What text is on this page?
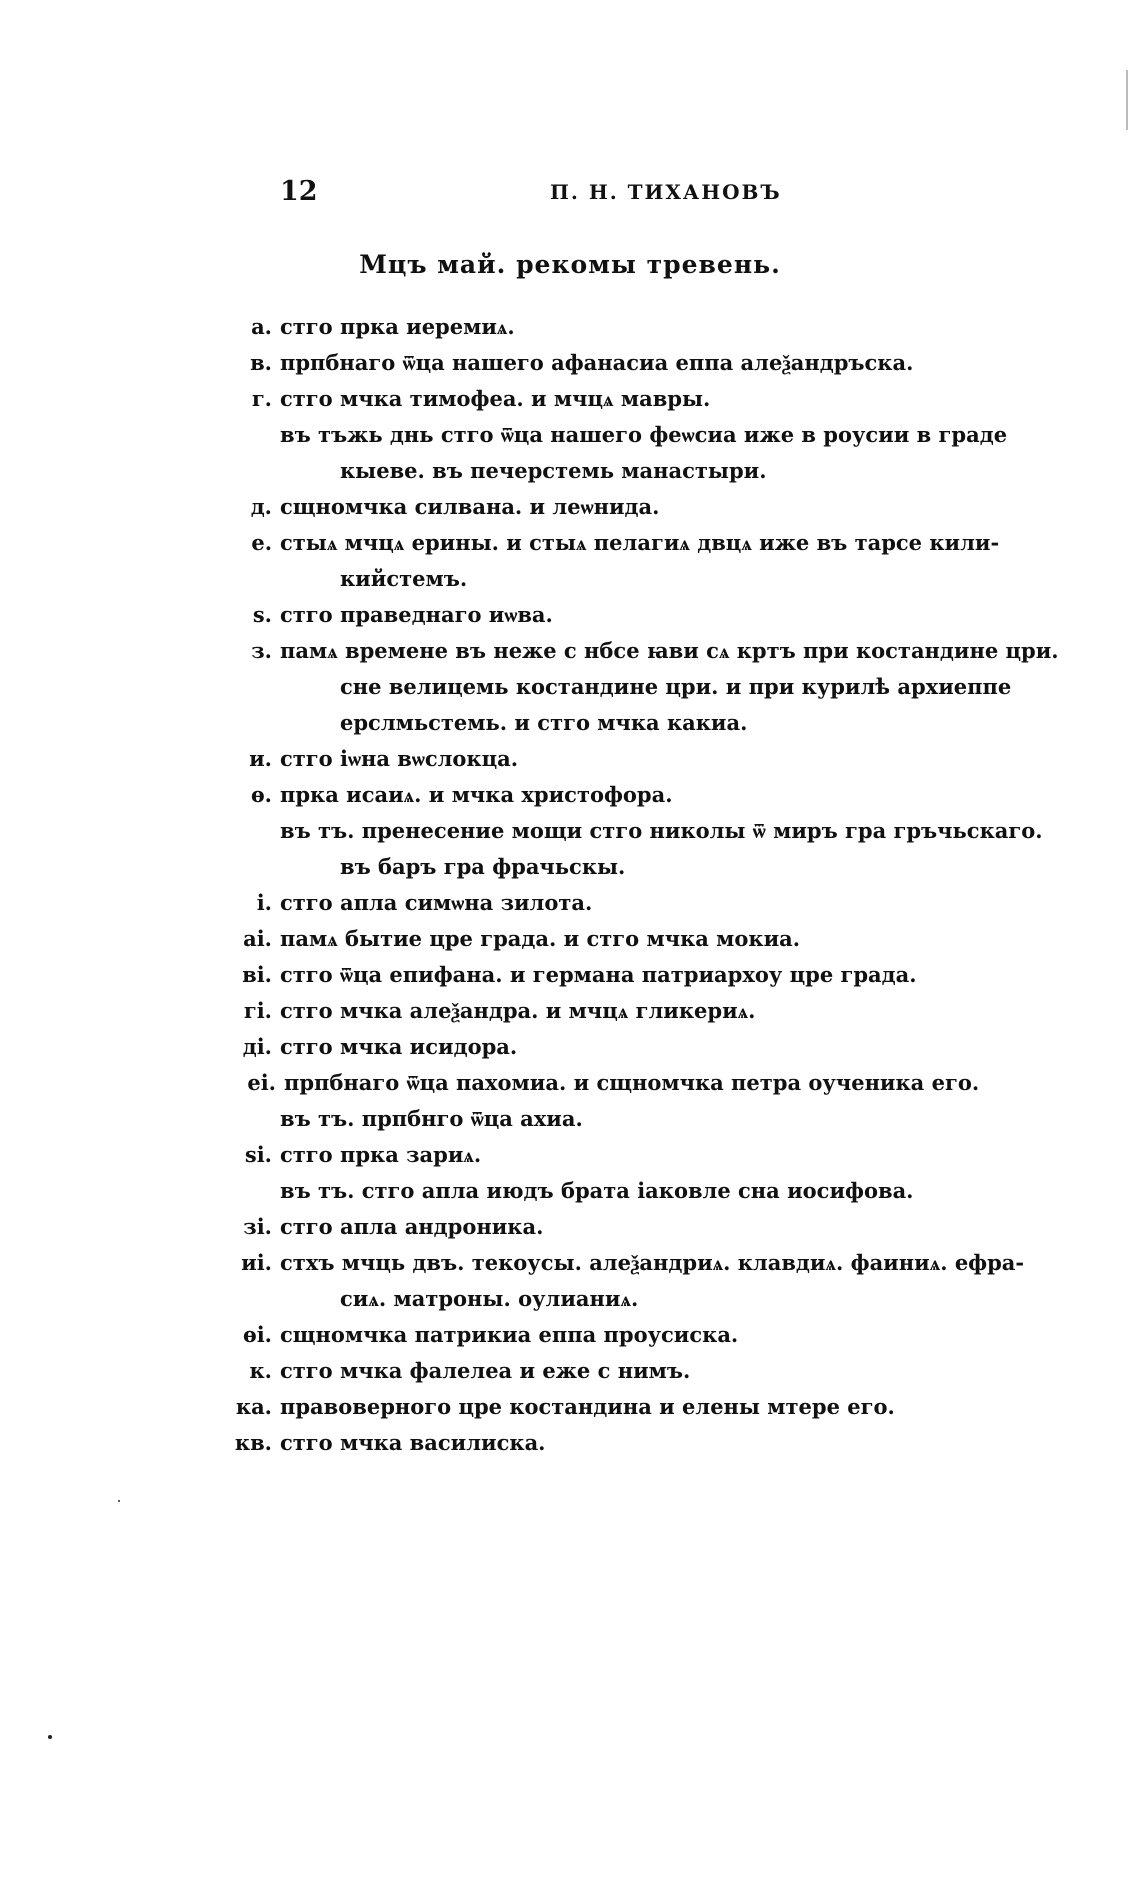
12	П. Н. ТИХАНОВЪ
Мцъ май. рекомы тревень.
а. стго прка иеремиѧ.
в. прпбнаго ѿца нашего афанасиа еппа алеѯандръска.
г. стго мчка тимофеа. и мчцѧ мавры.
въ тъжь днь стго ѿца нашего феѡсиа иже в роусии в граде
кыеве. въ печерстемь манастыри.
д. сщномчка силвана. и леѡнида.
е. стыѧ мчцѧ ерины. и стыѧ пелагиѧ двцѧ иже въ тарсе кили-
кийстемъ.
ѕ. стго праведнаго иѡва.
з. памѧ времене въ неже с нбсе ꙗви сѧ кртъ при костандине цри.
сне велицемь костандине цри. и при курилѣ архиеппе
ерслмьстемь. и стго мчка какиа.
и. стго iѡна вѡслокца.
ѳ. прка исаиѧ. и мчка христофора.
въ тъ. пренесение мощи стго николы ѿ миръ гра гръчьскаго.
въ баръ гра фрачьскы.
i. стго апла симѡна зилота.
аi. памѧ бытие цре града. и стго мчка мокиа.
вi. стго ѿца епифана. и германа патриархоу цре града.
гi. стго мчка алеѯандра. и мчцѧ гликериѧ.
дi. стго мчка исидора.
еi. прпбнаго ѿца пахомиа. и сщномчка петра оученика его.
въ тъ. прпбнго ѿца ахиа.
ѕi. стго прка зариѧ.
въ тъ. стго апла июдъ брата iаковле сна иосифова.
зi. стго апла андроника.
иi. стхъ мчць двъ. текоусы. алеѯандриѧ. клавдиѧ. фаиниѧ. ефра-
сиѧ. матроны. оулианиѧ.
ѳi. сщномчка патрикиа еппа проусиска.
к. стго мчка фалелеа и еже с нимъ.
ка. правоверного цре костандина и елены мтере его.
кв. стго мчка василиска.
